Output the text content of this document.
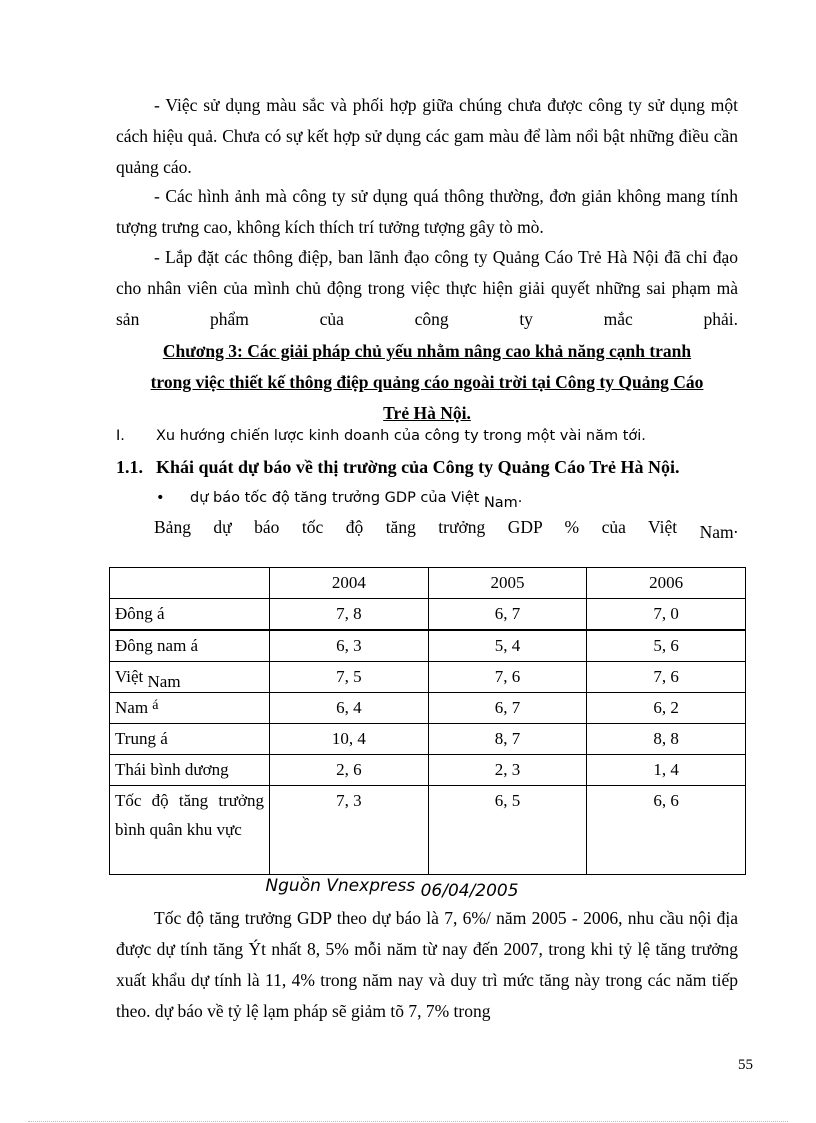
- Việc sử dụng màu sắc và phối hợp giữa chúng chưa được công ty sử dụng một cách hiệu quả. Chưa có sự kết hợp sử dụng các gam màu để làm nổi bật những điều cần quảng cáo.
- Các hình ảnh mà công ty sử dụng quá thông thường, đơn giản không mang tính tượng trưng cao, không kích thích trí tưởng tượng gây tò mò.
- Lắp đặt các thông điệp, ban lãnh đạo công ty Quảng Cáo Trẻ Hà Nội đã chỉ đạo cho nhân viên của mình chủ động trong việc thực hiện giải quyết những sai phạm mà sản phẩm của công ty mắc phải.
Chương 3: Các giải pháp chủ yếu nhằm nâng cao khả năng cạnh tranh
trong việc thiết kế thông điệp quảng cáo ngoài trời tại Công ty Quảng Cáo
Trẻ Hà Nội.
I. Xu hướng chiến lược kinh doanh của công ty trong một vài năm tới.
1.1. Khái quát dự báo về thị trường của Công ty Quảng Cáo Trẻ Hà Nội.
• dự báo tốc độ tăng trưởng GDP của Việt Nam.
Bảng dự báo tốc độ tăng trưởng GDP % của Việt Nam.
	2004	2005	2006
Đông á	7, 8	6, 7	7, 0
Đông nam á	6, 3	5, 4	5, 6
Việt Nam	7, 5	7, 6	7, 6
Nam $^á$	6, 4	6, 7	6, 2
Trung á	10, 4	8, 7	8, 8
Thái bình dương	2, 6	2, 3	1, 4
Tốc độ tăng trưởng bình quân khu vực	7, 3	6, 5	6, 6
Nguồn Vnexpress 06/04/2005
Tốc độ tăng trưởng GDP theo dự báo là 7, 6%/ năm 2005 - 2006, nhu cầu nội địa được dự tính tăng Ýt nhất 8, 5% mỗi năm từ nay đến 2007, trong khi tỷ lệ tăng trưởng xuất khẩu dự tính là 11, 4% trong năm nay và duy trì mức tăng này trong các năm tiếp theo. dự báo về tỷ lệ lạm pháp sẽ giảm tõ 7, 7% trong
55
